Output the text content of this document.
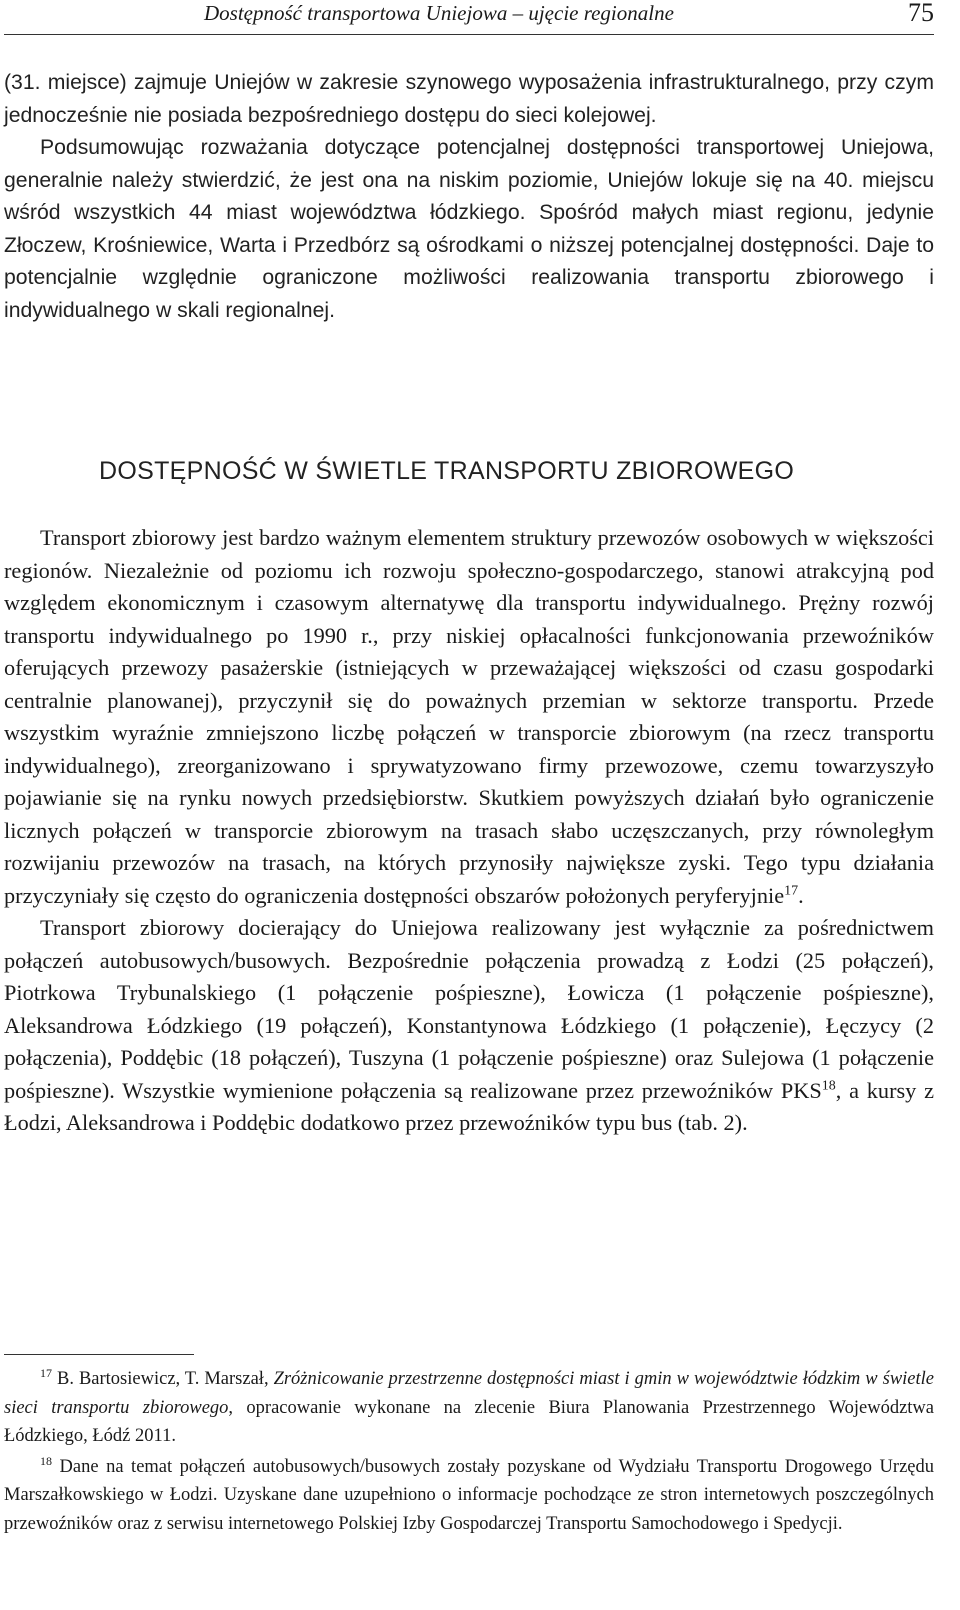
Dostępność transportowa Uniejowa – ujęcie regionalne	75

(31. miejsce) zajmuje Uniejów w zakresie szynowego wyposażenia infrastrukturalnego, przy czym jednocześnie nie posiada bezpośredniego dostępu do sieci kolejowej.

Podsumowując rozważania dotyczące potencjalnej dostępności transportowej Uniejowa, generalnie należy stwierdzić, że jest ona na niskim poziomie, Uniejów lokuje się na 40. miejscu wśród wszystkich 44 miast województwa łódzkiego. Spośród małych miast regionu, jedynie Złoczew, Krośniewice, Warta i Przedbórz są ośrodkami o niższej potencjalnej dostępności. Daje to potencjalnie względnie ograniczone możliwości realizowania transportu zbiorowego i indywidualnego w skali regionalnej.

DOSTĘPNOŚĆ W ŚWIETLE TRANSPORTU ZBIOROWEGO

Transport zbiorowy jest bardzo ważnym elementem struktury przewozów osobowych w większości regionów. Niezależnie od poziomu ich rozwoju społeczno-gospodarczego, stanowi atrakcyjną pod względem ekonomicznym i czasowym alternatywę dla transportu indywidualnego. Prężny rozwój transportu indywidualnego po 1990 r., przy niskiej opłacalności funkcjonowania przewoźników oferujących przewozy pasażerskie (istniejących w przeważającej większości od czasu gospodarki centralnie planowanej), przyczynił się do poważnych przemian w sektorze transportu. Przede wszystkim wyraźnie zmniejszono liczbę połączeń w transporcie zbiorowym (na rzecz transportu indywidualnego), zreorganizowano i sprywatyzowano firmy przewozowe, czemu towarzyszyło pojawianie się na rynku nowych przedsiębiorstw. Skutkiem powyższych działań było ograniczenie licznych połączeń w transporcie zbiorowym na trasach słabo uczęszczanych, przy równoległym rozwijaniu przewozów na trasach, na których przynosiły największe zyski. Tego typu działania przyczyniały się często do ograniczenia dostępności obszarów położonych peryferyjnie$^{17}$.

Transport zbiorowy docierający do Uniejowa realizowany jest wyłącznie za pośrednictwem połączeń autobusowych/busowych. Bezpośrednie połączenia prowadzą z Łodzi (25 połączeń), Piotrkowa Trybunalskiego (1 połączenie pośpieszne), Łowicza (1 połączenie pośpieszne), Aleksandrowa Łódzkiego (19 połączeń), Konstantynowa Łódzkiego (1 połączenie), Łęczycy (2 połączenia), Poddębic (18 połączeń), Tuszyna (1 połączenie pośpieszne) oraz Sulejowa (1 połączenie pośpieszne). Wszystkie wymienione połączenia są realizowane przez przewoźników PKS$^{18}$, a kursy z Łodzi, Aleksandrowa i Poddębic dodatkowo przez przewoźników typu bus (tab. 2).

$^{17}$ B. Bartosiewicz, T. Marszał, Zróżnicowanie przestrzenne dostępności miast i gmin w województwie łódzkim w świetle sieci transportu zbiorowego, opracowanie wykonane na zlecenie Biura Planowania Przestrzennego Województwa Łódzkiego, Łódź 2011.

$^{18}$ Dane na temat połączeń autobusowych/busowych zostały pozyskane od Wydziału Transportu Drogowego Urzędu Marszałkowskiego w Łodzi. Uzyskane dane uzupełniono o informacje pochodzące ze stron internetowych poszczególnych przewoźników oraz z serwisu internetowego Polskiej Izby Gospodarczej Transportu Samochodowego i Spedycji.
